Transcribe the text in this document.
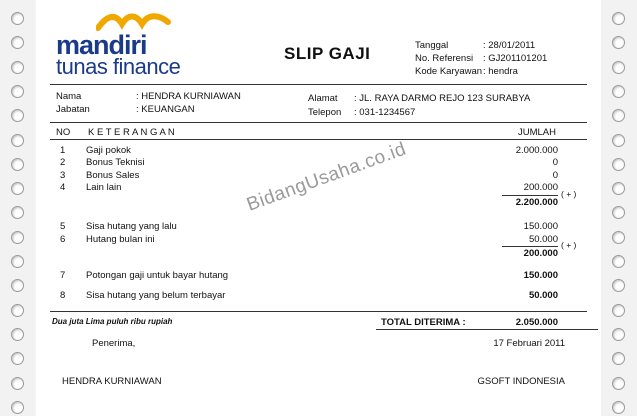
mandiri
tunas finance
SLIP GAJI	Tanggal	: 28/01/2011
No. Referensi : GJ201101201
Kode Karyawan : hendra
Nama	: HENDRA KURNIAWAN
Jabatan	: KEUANGAN
Alamat : JL. RAYA DARMO REJO 123 SURABYA
Telepon : 031-1234567
NO K E T E R A N G A N	JUMLAH
1 Gaji pokok	2.000.000
2 Bonus Teknisi	0
3 Bonus Sales	0
4 Lain lain	200.000
( + )
2.200.000
5 Sisa hutang yang lalu	150.000
6 Hutang bulan ini	50.000 ( + )
200.000
7 Potongan gaji untuk bayar hutang	150.000
8 Sisa hutang yang belum terbayar	50.000
Dua juta Lima puluh ribu rupiah	TOTAL DITERIMA :	2.050.000
Penerima,	17 Februari 2011
HENDRA KURNIAWAN	GSOFT INDONESIA
BidangUsaha.co.id
